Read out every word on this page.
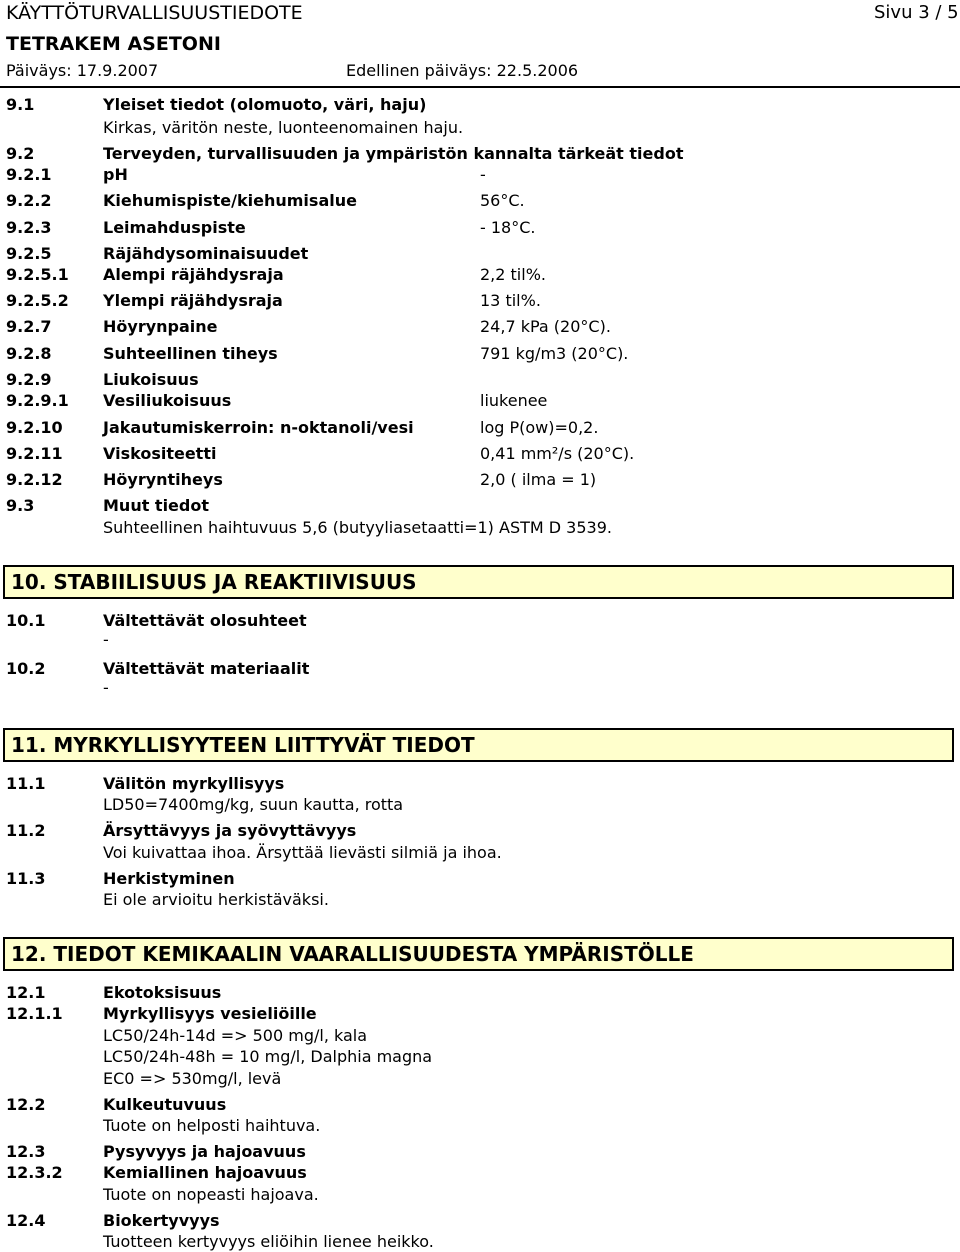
KÄYTTÖTURVALLISUUSTIEDOTE	Sivu 3 / 5
TETRAKEM ASETONI
Päiväys: 17.9.2007	Edellinen päiväys: 22.5.2006
9.1	Yleiset tiedot (olomuoto, väri, haju)
Kirkas, väritön neste, luonteenomainen haju.
9.2	Terveyden, turvallisuuden ja ympäristön kannalta tärkeät tiedot
9.2.1	pH	-
9.2.2	Kiehumispiste/kiehumisalue	56°C.
9.2.3	Leimahduspiste	- 18°C.
9.2.5	Räjähdysominaisuudet
9.2.5.1 Alempi räjähdysraja	2,2 til%.
9.2.5.2 Ylempi räjähdysraja	13 til%.
9.2.7	Höyrynpaine	24,7 kPa (20°C).
9.2.8	Suhteellinen tiheys	791 kg/m3 (20°C).
9.2.9	Liukoisuus
9.2.9.1 Vesiliukoisuus	liukenee
9.2.10	Jakautumiskerroin: n-oktanoli/vesi	log P(ow)=0,2.
9.2.11	Viskositeetti	0,41 mm²/s (20°C).
9.2.12	Höyryntiheys	2,0 ( ilma = 1)
9.3	Muut tiedot
Suhteellinen haihtuvuus 5,6 (butyyliasetaatti=1) ASTM D 3539.
10. STABIILISUUS JA REAKTIIVISUUS
10.1	Vältettävät olosuhteet
-
10.2	Vältettävät materiaalit
-
11. MYRKYLLISYYTEEN LIITTYVÄT TIEDOT
11.1	Välitön myrkyllisyys
LD50=7400mg/kg, suun kautta, rotta
11.2	Ärsyttävyys ja syövyttävyys
Voi kuivattaa ihoa. Ärsyttää lievästi silmiä ja ihoa.
11.3	Herkistyminen
Ei ole arvioitu herkistäväksi.
12. TIEDOT KEMIKAALIN VAARALLISUUDESTA YMPÄRISTÖLLE
12.1	Ekotoksisuus
12.1.1	Myrkyllisyys vesieliöille
LC50/24h-14d => 500 mg/l, kala
LC50/24h-48h = 10 mg/l, Dalphia magna
EC0 => 530mg/l, levä
12.2	Kulkeutuvuus
Tuote on helposti haihtuva.
12.3	Pysyvyys ja hajoavuus
12.3.2	Kemiallinen hajoavuus
Tuote on nopeasti hajoava.
12.4	Biokertyvyys
Tuotteen kertyvyys eliöihin lienee heikko.
